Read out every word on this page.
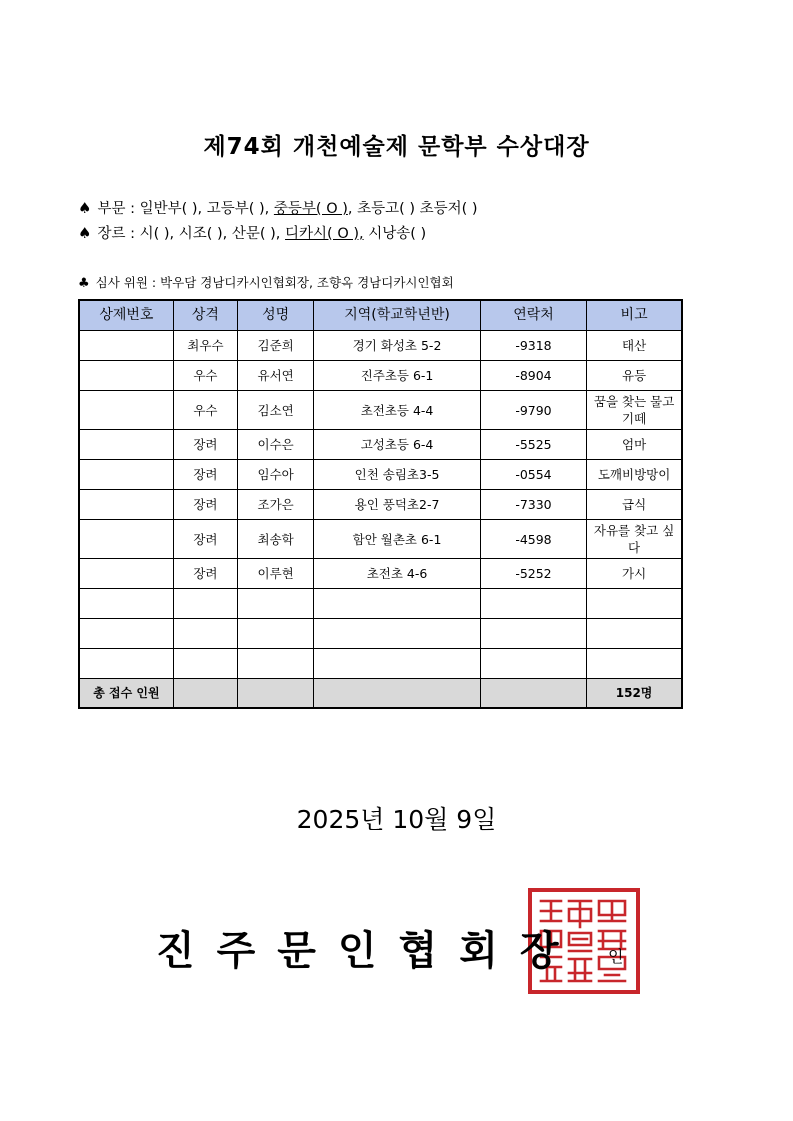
제74회 개천예술제 문학부 수상대장
♠ 부문 : 일반부( ), 고등부( ), 중등부( O ), 초등고( ) 초등저( )
♠ 장르 : 시( ), 시조( ), 산문( ), 디카시( O ), 시낭송( )
♣ 심사 위원 : 박우담 경남디카시인협회장, 조향옥 경남디카시인협회
상제번호	상격	성명	지역(학교학년반)	연락처	비고
	최우수	김준희	경기 화성초 5-2	-9318	태산
	우수	유서연	진주초등 6-1	-8904	유등
	우수	김소연	초전초등 4-4	-9790	꿈을 찾는 물고기떼
	장려	이수은	고성초등 6-4	-5525	엄마
	장려	임수아	인천 송림초3-5	-0554	도깨비방망이
	장려	조가은	용인 풍덕초2-7	-7330	급식
	장려	최송학	함안 월촌초 6-1	-4598	자유를 찾고 싶다
	장려	이루현	초전초 4-6	-5252	가시

총 접수 인원					152명
2025년 10월 9일
진주문인협회장 인
